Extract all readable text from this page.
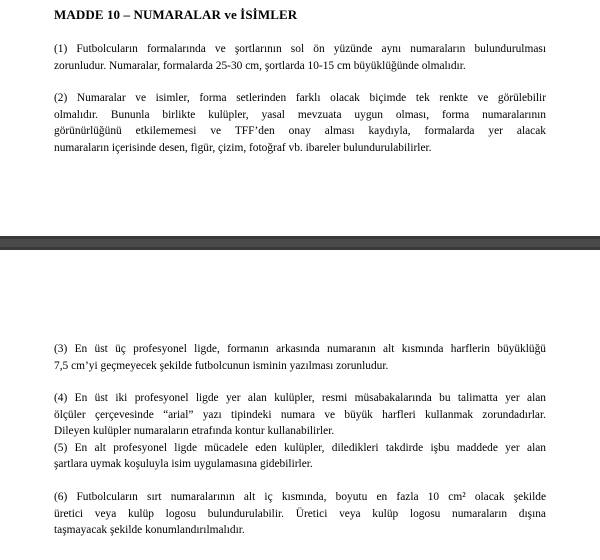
MADDE 10 – NUMARALAR ve İSİMLER

(1) Futbolcuların formalarında ve şortlarının sol ön yüzünde aynı numaraların bulundurulması
zorunludur. Numaralar, formalarda 25-30 cm, şortlarda 10-15 cm büyüklüğünde olmalıdır.

(2) Numaralar ve isimler, forma setlerinden farklı olacak biçimde tek renkte ve görülebilir
olmalıdır. Bununla birlikte kulüpler, yasal mevzuata uygun olması, forma numaralarının
görünürlüğünü etkilememesi ve TFF’den onay alması kaydıyla, formalarda yer alacak
numaraların içerisinde desen, figür, çizim, fotoğraf vb. ibareler bulundurulabilirler.

(3) En üst üç profesyonel ligde, formanın arkasında numaranın alt kısmında harflerin büyüklüğü
7,5 cm’yi geçmeyecek şekilde futbolcunun isminin yazılması zorunludur.

(4) En üst iki profesyonel ligde yer alan kulüpler, resmi müsabakalarında bu talimatta yer alan
ölçüler çerçevesinde “arial” yazı tipindeki numara ve büyük harfleri kullanmak zorundadırlar.
Dileyen kulüpler numaraların etrafında kontur kullanabilirler.
(5) En alt profesyonel ligde mücadele eden kulüpler, diledikleri takdirde işbu maddede yer alan
şartlara uymak koşuluyla isim uygulamasına gidebilirler.

(6) Futbolcuların sırt numaralarının alt iç kısmında, boyutu en fazla 10 cm² olacak şekilde
üretici veya kulüp logosu bulundurulabilir. Üretici veya kulüp logosu numaraların dışına
taşmayacak şekilde konumlandırılmalıdır.
